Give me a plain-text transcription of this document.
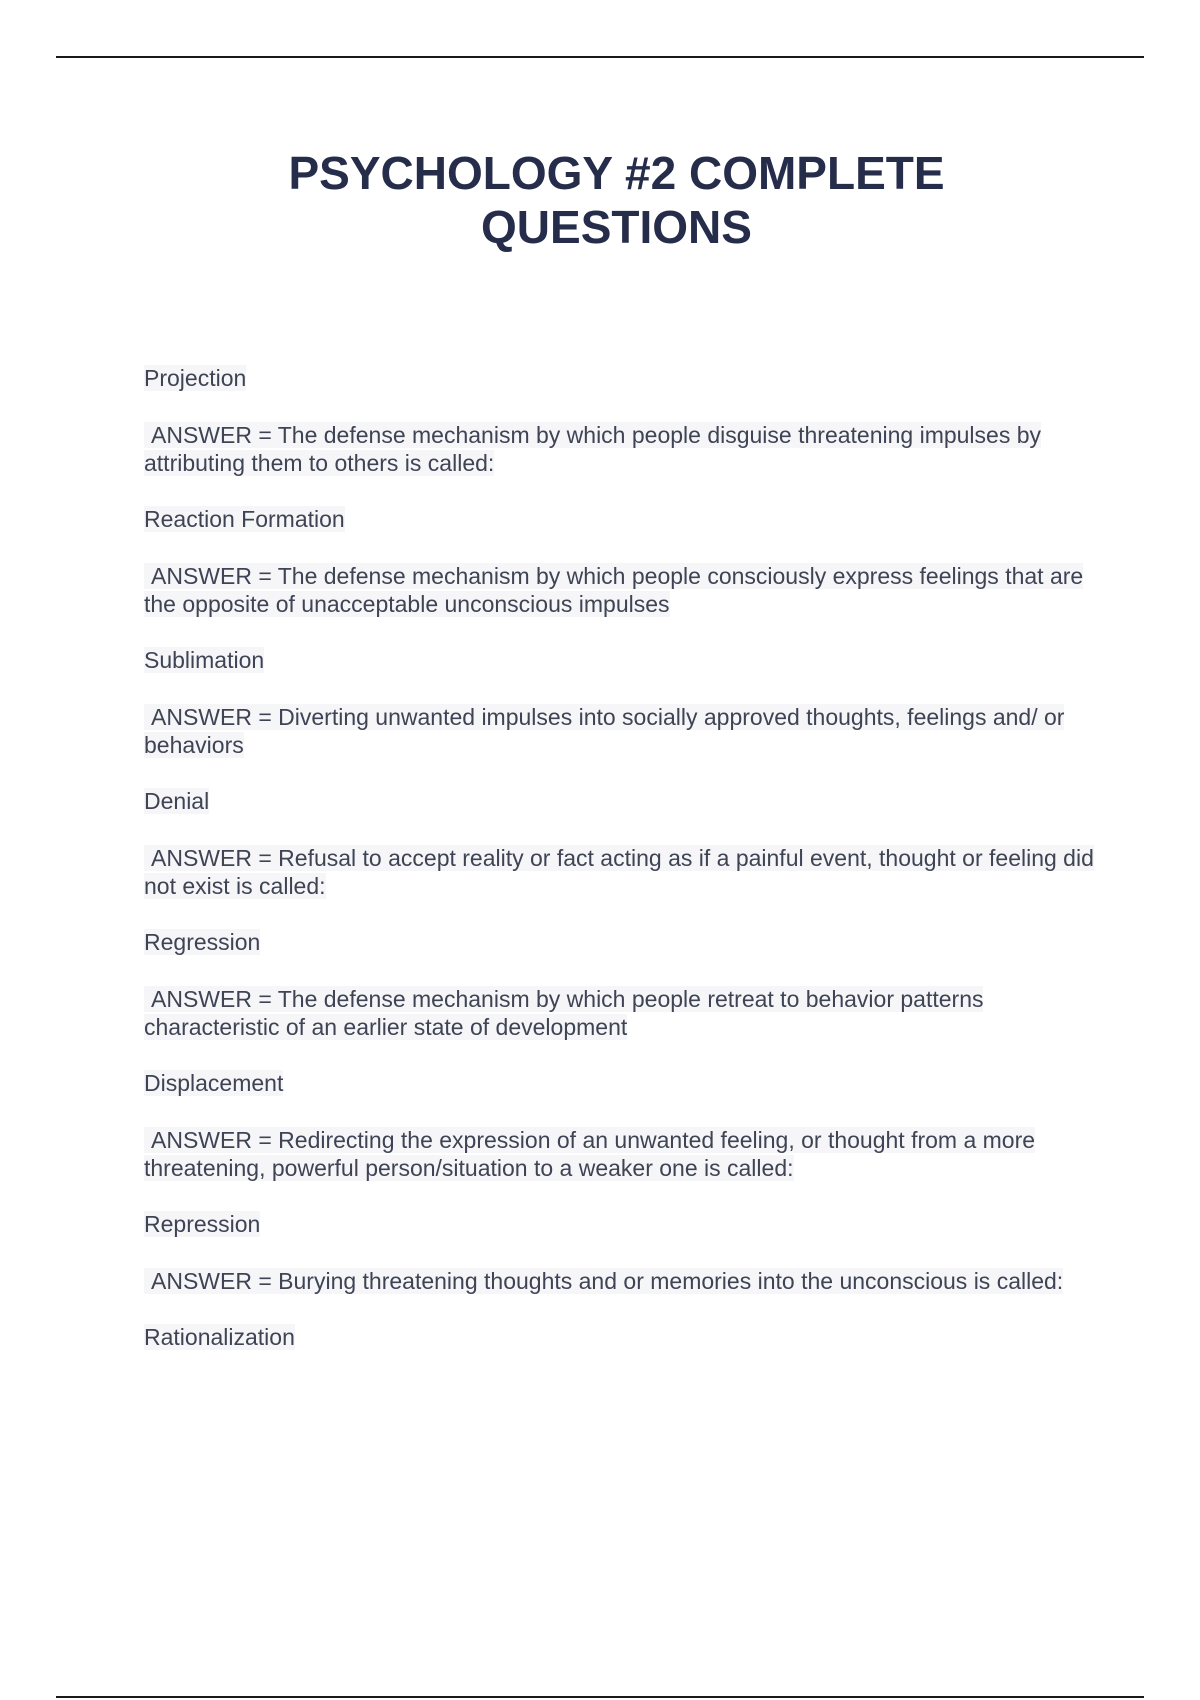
PSYCHOLOGY #2 COMPLETE
QUESTIONS

Projection

ANSWER = The defense mechanism by which people disguise threatening impulses by attributing them to others is called:

Reaction Formation

ANSWER = The defense mechanism by which people consciously express feelings that are the opposite of unacceptable unconscious impulses

Sublimation

ANSWER = Diverting unwanted impulses into socially approved thoughts, feelings and/ or behaviors

Denial

ANSWER = Refusal to accept reality or fact acting as if a painful event, thought or feeling did not exist is called:

Regression

ANSWER = The defense mechanism by which people retreat to behavior patterns characteristic of an earlier state of development

Displacement

ANSWER = Redirecting the expression of an unwanted feeling, or thought from a more threatening, powerful person/situation to a weaker one is called:

Repression

ANSWER = Burying threatening thoughts and or memories into the unconscious is called:

Rationalization
